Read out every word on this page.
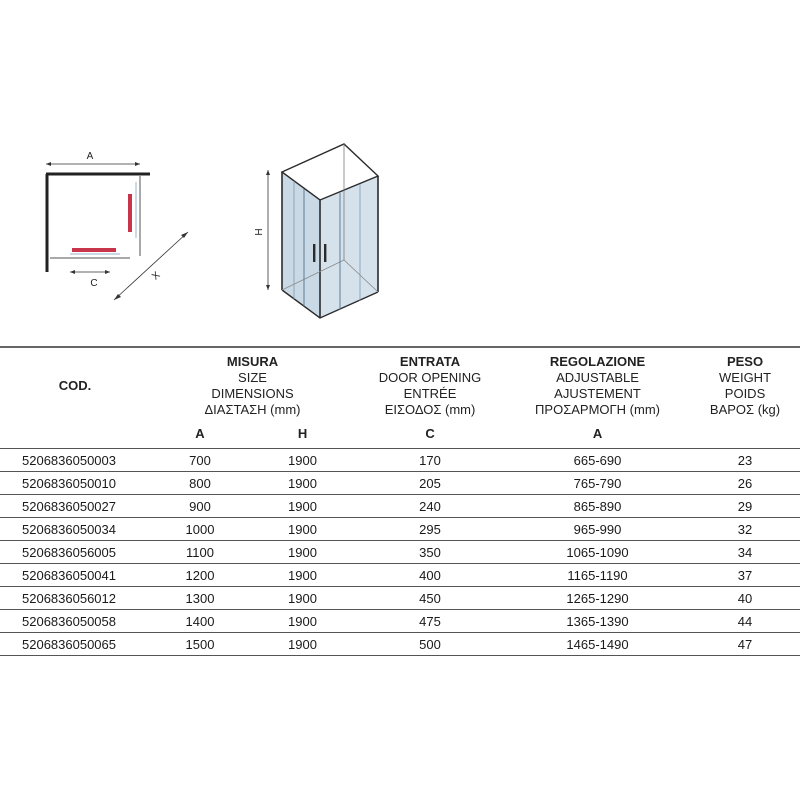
A
C
X
H
COD.	MISURA
SIZE
DIMENSIONS
ΔΙΑΣΤΑΣΗ (mm)		ENTRATA
DOOR OPENING
ENTRÉE
ΕΙΣΟΔΟΣ (mm)	REGOLAZIONE
ADJUSTABLE
AJUSTEMENT
ΠΡΟΣΑΡΜΟΓΗ (mm)	PESO
WEIGHT
POIDS
ΒΑΡΟΣ (kg)

	A	H	C	A	
5206836050003	700	1900	170	665-690	23
5206836050010	800	1900	205	765-790	26
5206836050027	900	1900	240	865-890	29
5206836050034	1000	1900	295	965-990	32
5206836056005	1100	1900	350	1065-1090	34
5206836050041	1200	1900	400	1165-1190	37
5206836056012	1300	1900	450	1265-1290	40
5206836050058	1400	1900	475	1365-1390	44
5206836050065	1500	1900	500	1465-1490	47
